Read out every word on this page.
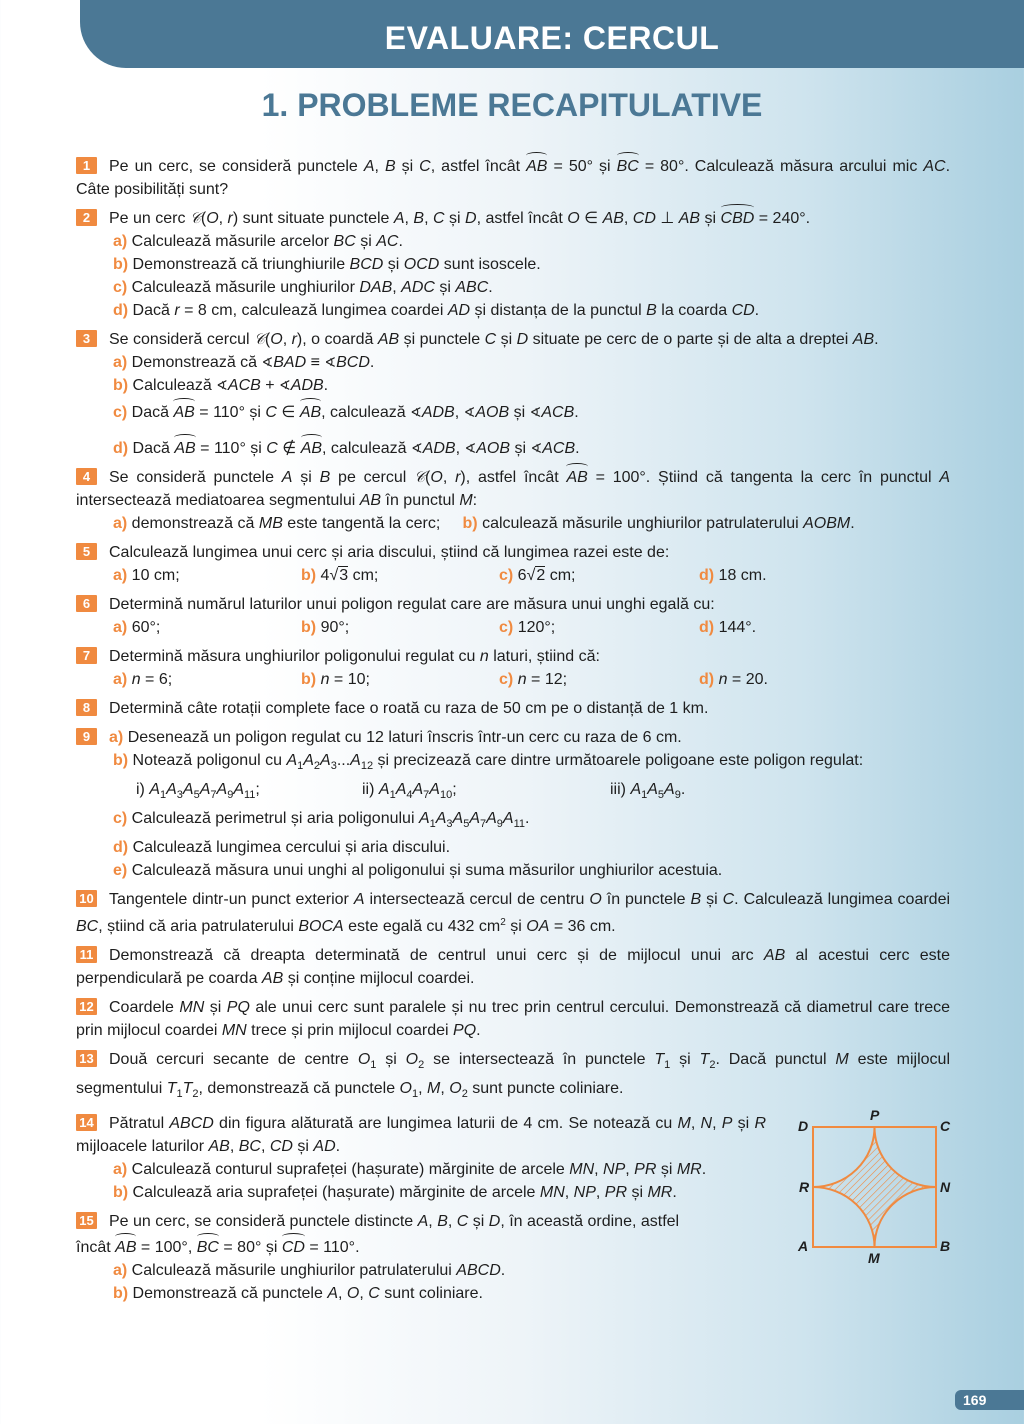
EVALUARE: CERCUL
1. PROBLEME RECAPITULATIVE

1 Pe un cerc, se consideră punctele A, B și C, astfel încât AB = 50° și BC = 80°. Calculează măsura arcului mic AC. Câte posibilități sunt?

2 Pe un cerc 𝒞(O, r) sunt situate punctele A, B, C și D, astfel încât O ∈ AB, CD ⊥ AB și CBD = 240°.

a) Calculează măsurile arcelor BC și AC.

b) Demonstrează că triunghiurile BCD și OCD sunt isoscele.

c) Calculează măsurile unghiurilor DAB, ADC și ABC.

d) Dacă r = 8 cm, calculează lungimea coardei AD și distanța de la punctul B la coarda CD.

3 Se consideră cercul 𝒞(O, r), o coardă AB și punctele C și D situate pe cerc de o parte și de alta a dreptei AB.

a) Demonstrează că ∢BAD ≡ ∢BCD.

b) Calculează ∢ACB + ∢ADB.

c) Dacă AB = 110° și C ∈ AB, calculează ∢ADB, ∢AOB și ∢ACB.

d) Dacă AB = 110° și C ∉ AB, calculează ∢ADB, ∢AOB și ∢ACB.

4 Se consideră punctele A și B pe cercul 𝒞(O, r), astfel încât AB = 100°. Știind că tangenta la cerc în punctul A intersectează mediatoarea segmentului AB în punctul M:

a) demonstrează că MB este tangentă la cerc;     b) calculează măsurile unghiurilor patrulaterului AOBM.

5 Calculează lungimea unui cerc și aria discului, știind că lungimea razei este de:

a) 10 cm;	b) 4√3 cm;	c) 6√2 cm;	d) 18 cm.

6 Determină numărul laturilor unui poligon regulat care are măsura unui unghi egală cu:

a) 60°;	b) 90°;	c) 120°;	d) 144°.

7 Determină măsura unghiurilor poligonului regulat cu n laturi, știind că:

a) n = 6;	b) n = 10;	c) n = 12;	d) n = 20.

8 Determină câte rotații complete face o roată cu raza de 50 cm pe o distanță de 1 km.

9 a) Desenează un poligon regulat cu 12 laturi înscris într-un cerc cu raza de 6 cm.

b) Notează poligonul cu $A_1A_2A_3...A_{12}$ și precizează care dintre următoarele poligoane este poligon regulat:

i) $A_1A_3A_5A_7A_9A_{11}$;	ii) $A_1A_4A_7A_{10}$;	iii) $A_1A_5A_9$.

c) Calculează perimetrul și aria poligonului $A_1A_3A_5A_7A_9A_{11}$.

d) Calculează lungimea cercului și aria discului.

e) Calculează măsura unui unghi al poligonului și suma măsurilor unghiurilor acestuia.

10 Tangentele dintr-un punct exterior A intersectează cercul de centru O în punctele B și C. Calculează lungimea coardei BC, știind că aria patrulaterului BOCA este egală cu 432 $cm^2$ și OA = 36 cm.

11 Demonstrează că dreapta determinată de centrul unui cerc și de mijlocul unui arc AB al acestui cerc este perpendiculară pe coarda AB și conține mijlocul coardei.

12 Coardele MN și PQ ale unui cerc sunt paralele și nu trec prin centrul cercului. Demonstrează că diametrul care trece prin mijlocul coardei MN trece și prin mijlocul coardei PQ.

13 Două cercuri secante de centre $O_1$ și $O_2$ se intersectează în punctele $T_1$ și $T_2$. Dacă punctul M este mijlocul segmentului $T_1T_2$, demonstrează că punctele $O_1$, M, $O_2$ sunt puncte coliniare.

14 Pătratul ABCD din figura alăturată are lungimea laturii de 4 cm. Se notează cu M, N, P și R mijloacele laturilor AB, BC, CD și AD.

a) Calculează conturul suprafeței (hașurate) mărginite de arcele MN, NP, PR și MR.

b) Calculează aria suprafeței (hașurate) mărginite de arcele MN, NP, PR și MR.

15 Pe un cerc, se consideră punctele distincte A, B, C și D, în această ordine, astfel

încât AB = 100°, BC = 80° și CD = 110°.

a) Calculează măsurile unghiurilor patrulaterului ABCD.

b) Demonstrează că punctele A, O, C sunt coliniare.

D
P
C
R	N
A	B
M
169
